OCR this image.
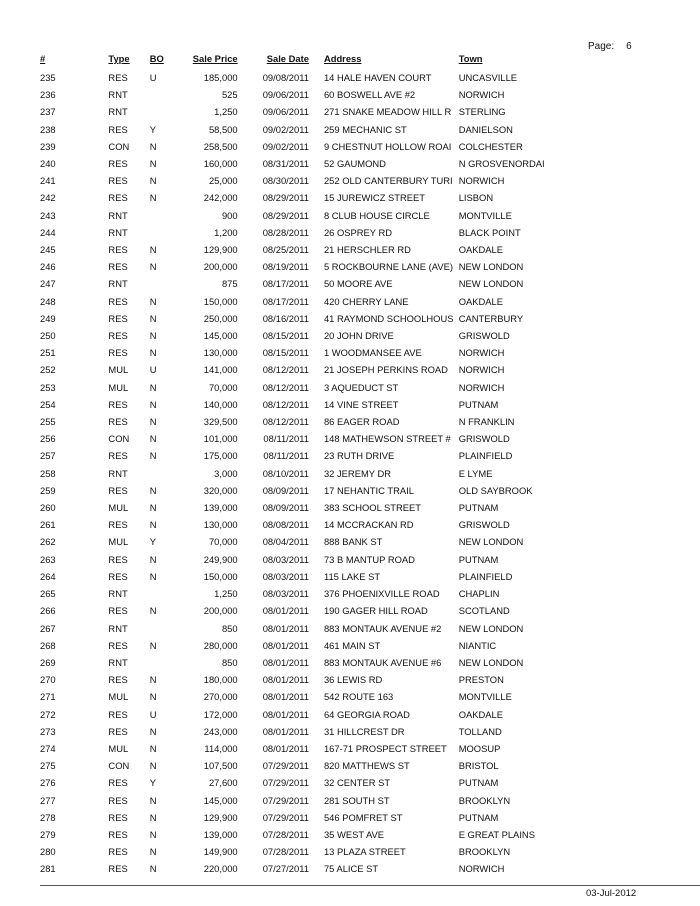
Page: 6
#	Type	BO	Sale Price	Sale Date	Address	Town
235	RES	U	185,000	09/08/2011	14 HALE HAVEN COURT	UNCASVILLE
236	RNT		525	09/06/2011	60 BOSWELL AVE #2	NORWICH
237	RNT		1,250	09/06/2011	271 SNAKE MEADOW HILL R	STERLING
238	RES	Y	58,500	09/02/2011	259 MECHANIC ST	DANIELSON
239	CON	N	258,500	09/02/2011	9 CHESTNUT HOLLOW ROAI	COLCHESTER
240	RES	N	160,000	08/31/2011	52 GAUMOND	N GROSVENORDAI
241	RES	N	25,000	08/30/2011	252 OLD CANTERBURY TURI	NORWICH
242	RES	N	242,000	08/29/2011	15 JUREWICZ STREET	LISBON
243	RNT		900	08/29/2011	8 CLUB HOUSE CIRCLE	MONTVILLE
244	RNT		1,200	08/28/2011	26 OSPREY RD	BLACK POINT
245	RES	N	129,900	08/25/2011	21 HERSCHLER RD	OAKDALE
246	RES	N	200,000	08/19/2011	5 ROCKBOURNE LANE (AVE)	NEW LONDON
247	RNT		875	08/17/2011	50 MOORE AVE	NEW LONDON
248	RES	N	150,000	08/17/2011	420 CHERRY LANE	OAKDALE
249	RES	N	250,000	08/16/2011	41 RAYMOND SCHOOLHOUS	CANTERBURY
250	RES	N	145,000	08/15/2011	20 JOHN DRIVE	GRISWOLD
251	RES	N	130,000	08/15/2011	1 WOODMANSEE AVE	NORWICH
252	MUL	U	141,000	08/12/2011	21 JOSEPH PERKINS ROAD	NORWICH
253	MUL	N	70,000	08/12/2011	3 AQUEDUCT ST	NORWICH
254	RES	N	140,000	08/12/2011	14 VINE STREET	PUTNAM
255	RES	N	329,500	08/12/2011	86 EAGER ROAD	N FRANKLIN
256	CON	N	101,000	08/11/2011	148 MATHEWSON STREET #	GRISWOLD
257	RES	N	175,000	08/11/2011	23 RUTH DRIVE	PLAINFIELD
258	RNT		3,000	08/10/2011	32 JEREMY DR	E LYME
259	RES	N	320,000	08/09/2011	17 NEHANTIC TRAIL	OLD SAYBROOK
260	MUL	N	139,000	08/09/2011	383 SCHOOL STREET	PUTNAM
261	RES	N	130,000	08/08/2011	14 MCCRACKAN RD	GRISWOLD
262	MUL	Y	70,000	08/04/2011	888 BANK ST	NEW LONDON
263	RES	N	249,900	08/03/2011	73 B MANTUP ROAD	PUTNAM
264	RES	N	150,000	08/03/2011	115 LAKE ST	PLAINFIELD
265	RNT		1,250	08/03/2011	376 PHOENIXVILLE ROAD	CHAPLIN
266	RES	N	200,000	08/01/2011	190 GAGER HILL ROAD	SCOTLAND
267	RNT		850	08/01/2011	883 MONTAUK AVENUE #2	NEW LONDON
268	RES	N	280,000	08/01/2011	461 MAIN ST	NIANTIC
269	RNT		850	08/01/2011	883 MONTAUK AVENUE #6	NEW LONDON
270	RES	N	180,000	08/01/2011	36 LEWIS RD	PRESTON
271	MUL	N	270,000	08/01/2011	542 ROUTE 163	MONTVILLE
272	RES	U	172,000	08/01/2011	64 GEORGIA ROAD	OAKDALE
273	RES	N	243,000	08/01/2011	31 HILLCREST DR	TOLLAND
274	MUL	N	114,000	08/01/2011	167-71 PROSPECT STREET	MOOSUP
275	CON	N	107,500	07/29/2011	820 MATTHEWS ST	BRISTOL
276	RES	Y	27,600	07/29/2011	32 CENTER ST	PUTNAM
277	RES	N	145,000	07/29/2011	281 SOUTH ST	BROOKLYN
278	RES	N	129,900	07/29/2011	546 POMFRET ST	PUTNAM
279	RES	N	139,000	07/28/2011	35 WEST AVE	E GREAT PLAINS
280	RES	N	149,900	07/28/2011	13 PLAZA STREET	BROOKLYN
281	RES	N	220,000	07/27/2011	75 ALICE ST	NORWICH
03-Jul-2012
